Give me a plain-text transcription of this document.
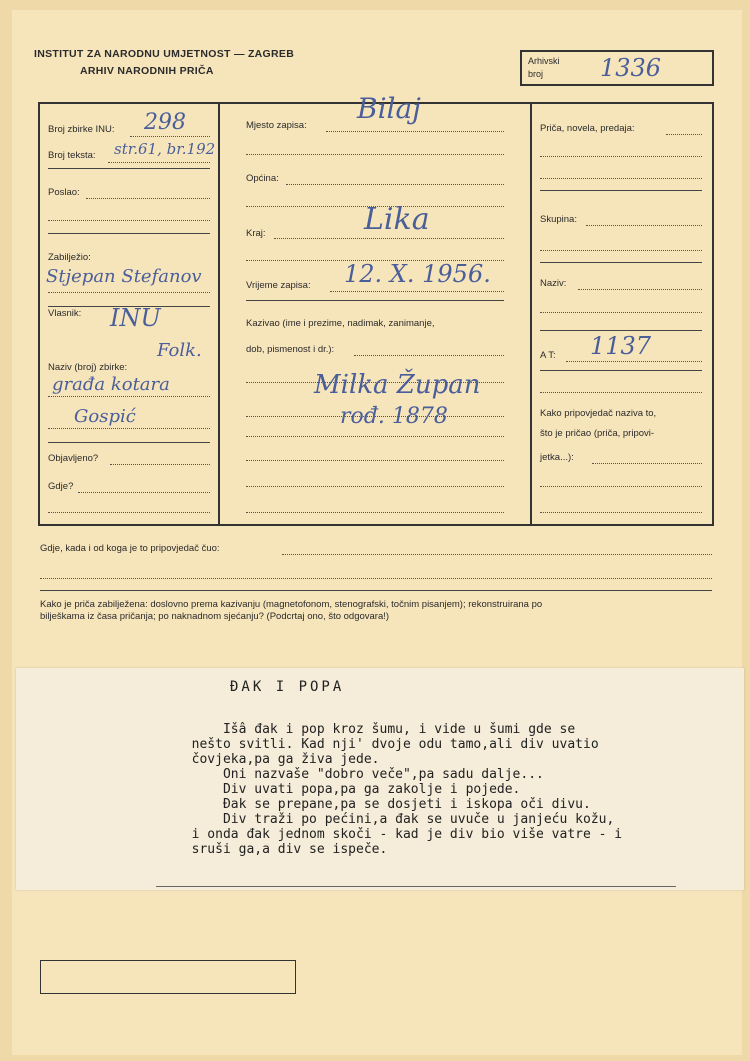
INSTITUT ZA NARODNU UMJETNOST — ZAGREB
ARHIV NARODNIH PRIČA
Arhivski
broj	1336
Broj zbirke INU: 298
Broj teksta: str.61, br.192
Poslao:
Zabilježio:
Stjepan Stefanov
Vlasnik: INU
Naziv (broj) zbirke:
Folk.
građa kotara
Gospić
Objavljeno?
Gdje?
Mjesto zapisa:
Bilaj
Općina:
Kraj:	Lika
Vrijeme zapisa: 12. X. 1956.
Kazivao (ime i prezime, nadimak, zanimanje,
dob, pismenost i dr.):
Milka Župan
rođ. 1878
Priča, novela, predaja:
Skupina:
Naziv:
A T: 1137
Kako pripovjedač naziva to,
što je pričao (priča, pripovi-
jetka...):
Gdje, kada i od koga je to pripovjedač čuo:
Kako je priča zabilježena: doslovno prema kazivanju (magnetofonom, stenografski, točnim pisanjem); rekonstruirana po
bilješkama iz časa pričanja; po naknadnom sjećanju? (Podcrtaj ono, što odgovara!)
ĐAK I POPA
Išâ đak i pop kroz šumu, i vide u šumi gde se
nešto svitli. Kad nji' dvoje odu tamo,ali div uvatio
čovjeka,pa ga živa jede.
Oni nazvaše "dobro veče",pa sadu dalje...
Div uvati popa,pa ga zakolje i pojede.
Đak se prepane,pa se dosjeti i iskopa oči divu.
Div traži po pećini,a đak se uvuče u janjeću kožu,
i onda đak jednom skoči - kad je div bio više vatre - i
sruši ga,a div se ispeče.
